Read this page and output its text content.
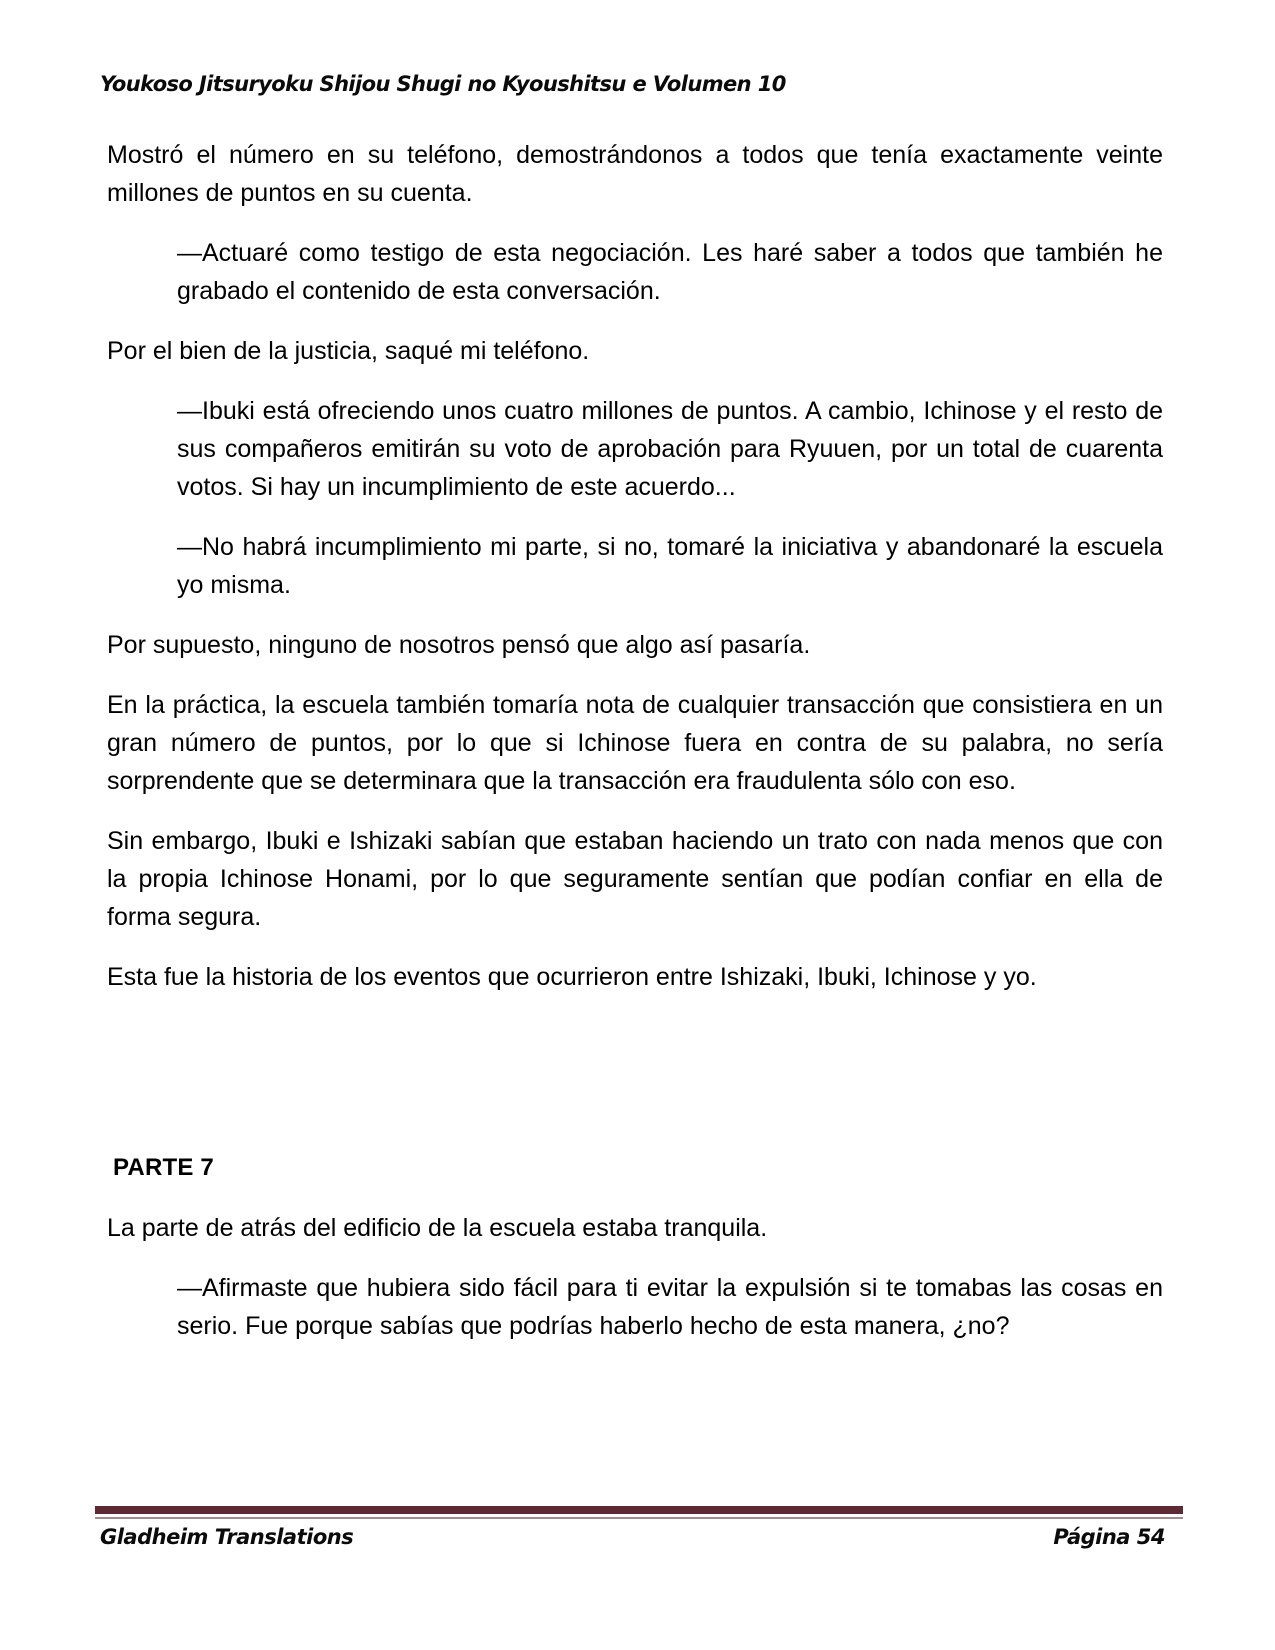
Youkoso Jitsuryoku Shijou Shugi no Kyoushitsu e Volumen 10

Mostró el número en su teléfono, demostrándonos a todos que tenía exactamente veinte millones de puntos en su cuenta.

—Actuaré como testigo de esta negociación. Les haré saber a todos que también he grabado el contenido de esta conversación.

Por el bien de la justicia, saqué mi teléfono.

—Ibuki está ofreciendo unos cuatro millones de puntos. A cambio, Ichinose y el resto de sus compañeros emitirán su voto de aprobación para Ryuuen, por un total de cuarenta votos. Si hay un incumplimiento de este acuerdo...

—No habrá incumplimiento mi parte, si no, tomaré la iniciativa y abandonaré la escuela yo misma.

Por supuesto, ninguno de nosotros pensó que algo así pasaría.

En la práctica, la escuela también tomaría nota de cualquier transacción que consistiera en un gran número de puntos, por lo que si Ichinose fuera en contra de su palabra, no sería sorprendente que se determinara que la transacción era fraudulenta sólo con eso.

Sin embargo, Ibuki e Ishizaki sabían que estaban haciendo un trato con nada menos que con la propia Ichinose Honami, por lo que seguramente sentían que podían confiar en ella de forma segura.

Esta fue la historia de los eventos que ocurrieron entre Ishizaki, Ibuki, Ichinose y yo.

PARTE 7

La parte de atrás del edificio de la escuela estaba tranquila.

—Afirmaste que hubiera sido fácil para ti evitar la expulsión si te tomabas las cosas en serio. Fue porque sabías que podrías haberlo hecho de esta manera, ¿no?

Gladheim Translations	Página 54
